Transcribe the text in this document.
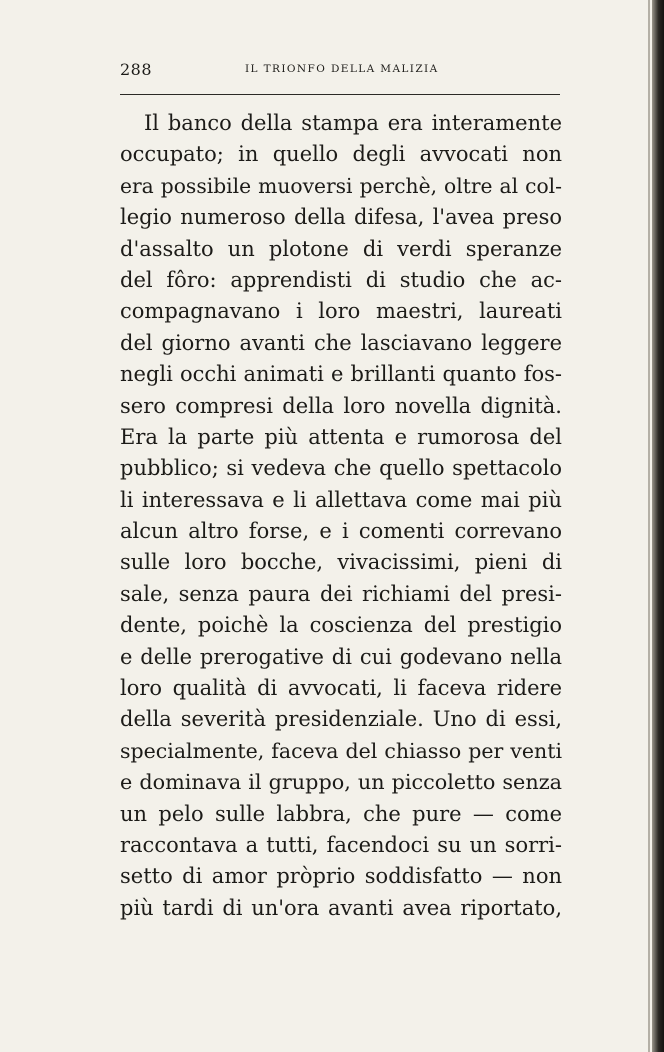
288	IL TRIONFO DELLA MALIZIA
Il banco della stampa era interamente
occupato; in quello degli avvocati non
era possibile muoversi perchè, oltre al col-
legio numeroso della difesa, l'avea preso
d'assalto un plotone di verdi speranze
del fôro: apprendisti di studio che ac-
compagnavano i loro maestri, laureati
del giorno avanti che lasciavano leggere
negli occhi animati e brillanti quanto fos-
sero compresi della loro novella dignità.
Era la parte più attenta e rumorosa del
pubblico; si vedeva che quello spettacolo
li interessava e li allettava come mai più
alcun altro forse, e i comenti correvano
sulle loro bocche, vivacissimi, pieni di
sale, senza paura dei richiami del presi-
dente, poichè la coscienza del prestigio
e delle prerogative di cui godevano nella
loro qualità di avvocati, li faceva ridere
della severità presidenziale. Uno di essi,
specialmente, faceva del chiasso per venti
e dominava il gruppo, un piccoletto senza
un pelo sulle labbra, che pure — come
raccontava a tutti, facendoci su un sorri-
setto di amor pròprio soddisfatto — non
più tardi di un'ora avanti avea riportato,
